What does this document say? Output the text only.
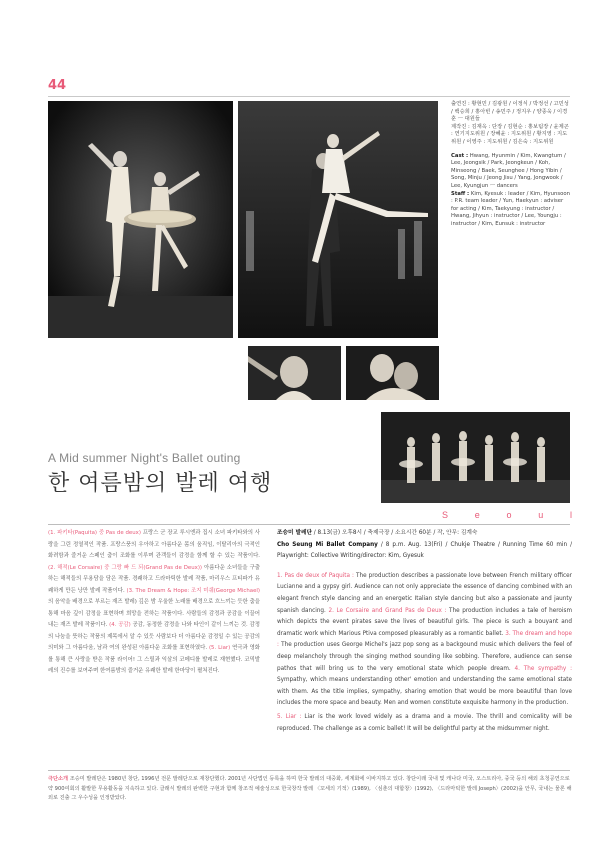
44
출연진 : 황현민 / 김광원 / 이정식 / 박정선 / 고민성 / 백승희 / 홍아빈 / 송민주 / 정지우 / 양종욱 / 이경훈 ㅡ 대원들
제작진 : 김재옥 : 단장 / 김현순 : 홍보팀장 / 윤제곤 : 연기지도위원 / 장혜윤 : 지도위원 / 황지영 : 지도위원 / 이영주 : 지도위원 / 김은숙 : 지도위원
Cast : Hwang, Hyunmin / Kim, Kwangtum / Lee, Jeongsik / Park, Jeongkeun / Koh, Minseong / Baek, Seunghee / Hong Yibin / Song, Minju / Jeong Jisu / Yang, Jongwook / Lee, Kyungjun ㅡ dancers
Staff : Kim, Kyesuk : leader / Kim, Hyunsoon : P.R. team leader / Yun, Haekyun : adviser for acting / Kim, Taekyung : instructor / Hwang, Jihyun : instructor / Lee, Youngju : instructor / Kim, Eunsuk : instructor
A Mid summer Night's Ballet outing
한 여름밤의 발레 여행
S	e	o	u	l
(1. 파키타(Paquita) 중 Pas de deux) 프랑스 군 장교 루시엔과 집시 소녀 파키타와의 사랑을 그린 정열적인 작품. 프랑스풍의 우아하고 아름다운 몸의 움직임, 이탈리아의 극적인 화려함과 즐거운 스페인 춤이 조화를 이루며 관객들이 감정을 함께 할 수 있는 작품이다. (2. 해적(Le Corsaire) 중 그랑 빠 드 되(Grand Pas de Deux)) 아름다운 소녀들을 구출하는 해적들의 무용담을 담은 작품. 경쾌하고 드라마틱한 발레 작품, 마리우스 프티파가 유쾌하게 만든 낭만 발레 작품이다. (3. The Dream & Hope: 조지 미쉐(George Michael)의 음악을 배경으로 부르는 재즈 발레) 깊은 밤 우울한 노래를 배경으로 흐느끼는 듯한 춤을 통해 마음 깊이 감정을 표현하며 희망을 전하는 작품이다. 사람들의 감정과 공감을 이끌어내는 재즈 발레 작품이다. (4. 공감) 공감, 동정한 감정을 나와 타인이 같이 느끼는 것. 감정의 나눔을 뜻하는 작품의 제목에서 알 수 있듯 사람보다 더 아름다운 감정일 수 있는 공감의 의미와 그 아름다움, 남과 여의 완성된 아름다운 조화를 표현하였다. (5. Liar) 연극과 영화를 통해 큰 사랑을 받은 작품 라이어! 그 스릴과 익살의 코메디를 발레로 재현했다. 코믹발레의 진수를 보여주며 한여름밤의 즐거운 유쾌한 발레 한마당이 펼쳐진다.
조승미 발레단 / 8.13(금) 오후8시 / 축제극장 / 소요시간 60분 / 작, 안무: 김계숙
Cho Seung Mi Ballet Company / 8 p.m. Aug. 13(Fri) / Chukje Theatre / Running Time 60 min / Playwright: Collective Writing/director: Kim, Gyesuk

1. Pas de deux of Paquita : The production describes a passionate love between French military officer Lucianne and a gypsy girl. Audience can not only appreciate the essence of dancing combined with an elegant french style dancing and an energetic Italian style dancing but also a passionate and jaunty spanish dancing. 2. Le Corsaire and Grand Pas de Deux : The production includes a tale of heroism which depicts the event pirates save the lives of beautiful girls. The piece is such a bouyant and dramatic work which Marious Ptiva composed pleasurably as a romantic ballet. 3. The dream and hope : The production uses George Michel's jazz pop song as a backgound music which delivers the feel of deep melancholy through the singing method sounding like sobbing. Therefore, audience can sense pathos that will bring us to the very emotional state which people dream. 4. The sympathy : Sympathy, which means understanding other' emotion and understanding the same emotional state with them. As the title implies, sympathy, sharing emotion that would be more beautiful than love includes the more space and beauty. Men and women constitute exquisite harmony in the production.

5. Liar : Liar is the work loved widely as a drama and a movie. The thrill and comicality will be reproduced. The challenge as a comic ballet! It will be delightful party at the midsummer night.

극단소개 조승미 발레단은 1980년 창단, 1996년 전문 발레단으로 재창단했다. 2001년 사단법인 등록을 하며 한국 발레의 대중화, 세계화에 이바지하고 있다. 창단이래 국내 및 캐나다 미국, 오스트리아, 중국 등의 해외 초청공연으로 약 900여회의 활발한 무용활동을 지속하고 있다. 클래식 발레의 완벽한 구현과 함께 창조적 예술성으로 한국창작 발레 〈꼬세의 기적〉(1989), 〈심춘의 대합창〉(1992), 〈드라마틱한 발레 Joseph〉(2002)을 안무, 국내는 물론 해외로 진출 그 우수성을 인정받았다.
